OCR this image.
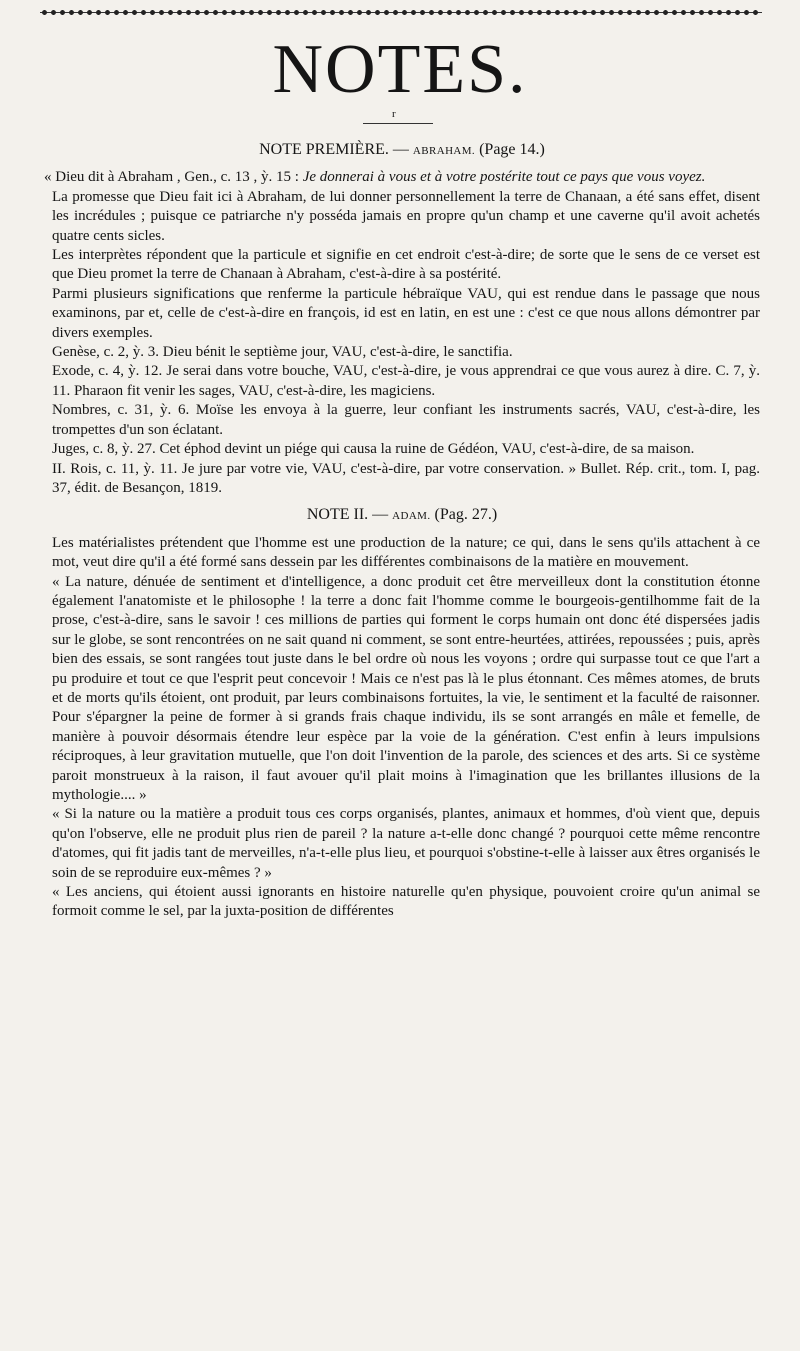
NOTES.
r
NOTE PREMIÈRE. — ABRAHAM. (Page 14.)

« Dieu dit à Abraham , Gen., c. 13 , ỳ. 15 : Je donnerai à vous et à votre postérite tout ce pays que vous voyez.

La promesse que Dieu fait ici à Abraham, de lui donner personnellement la terre de Chanaan, a été sans effet, disent les incrédules ; puisque ce patriarche n'y posséda jamais en propre qu'un champ et une caverne qu'il avoit achetés quatre cents sicles.

Les interprètes répondent que la particule et signifie en cet endroit c'est-à-dire; de sorte que le sens de ce verset est que Dieu promet la terre de Chanaan à Abraham, c'est-à-dire à sa postérité.

Parmi plusieurs significations que renferme la particule hébraïque VAU, qui est rendue dans le passage que nous examinons, par et, celle de c'est-à-dire en françois, id est en latin, en est une : c'est ce que nous allons démontrer par divers exemples.

Genèse, c. 2, ỳ. 3. Dieu bénit le septième jour, VAU, c'est-à-dire, le sanctifia.

Exode, c. 4, ỳ. 12. Je serai dans votre bouche, VAU, c'est-à-dire, je vous apprendrai ce que vous aurez à dire. C. 7, ỳ. 11. Pharaon fit venir les sages, VAU, c'est-à-dire, les magiciens.

Nombres, c. 31, ỳ. 6. Moïse les envoya à la guerre, leur confiant les instruments sacrés, VAU, c'est-à-dire, les trompettes d'un son éclatant.

Juges, c. 8, ỳ. 27. Cet éphod devint un piége qui causa la ruine de Gédéon, VAU, c'est-à-dire, de sa maison.

II. Rois, c. 11, ỳ. 11. Je jure par votre vie, VAU, c'est-à-dire, par votre conservation. » Bullet. Rép. crit., tom. I, pag. 37, édit. de Besançon, 1819.

NOTE II. — ADAM. (Pag. 27.)

Les matérialistes prétendent que l'homme est une production de la nature; ce qui, dans le sens qu'ils attachent à ce mot, veut dire qu'il a été formé sans dessein par les différentes combinaisons de la matière en mouvement.

« La nature, dénuée de sentiment et d'intelligence, a donc produit cet être merveilleux dont la constitution étonne également l'anatomiste et le philosophe ! la terre a donc fait l'homme comme le bourgeois-gentilhomme fait de la prose, c'est-à-dire, sans le savoir ! ces millions de parties qui forment le corps humain ont donc été dispersées jadis sur le globe, se sont rencontrées on ne sait quand ni comment, se sont entre-heurtées, attirées, repoussées ; puis, après bien des essais, se sont rangées tout juste dans le bel ordre où nous les voyons ; ordre qui surpasse tout ce que l'art a pu produire et tout ce que l'esprit peut concevoir ! Mais ce n'est pas là le plus étonnant. Ces mêmes atomes, de bruts et de morts qu'ils étoient, ont produit, par leurs combinaisons fortuites, la vie, le sentiment et la faculté de raisonner. Pour s'épargner la peine de former à si grands frais chaque individu, ils se sont arrangés en mâle et femelle, de manière à pouvoir désormais étendre leur espèce par la voie de la génération. C'est enfin à leurs impulsions réciproques, à leur gravitation mutuelle, que l'on doit l'invention de la parole, des sciences et des arts. Si ce système paroit monstrueux à la raison, il faut avouer qu'il plait moins à l'imagination que les brillantes illusions de la mythologie.... »

« Si la nature ou la matière a produit tous ces corps organisés, plantes, animaux et hommes, d'où vient que, depuis qu'on l'observe, elle ne produit plus rien de pareil ? la nature a-t-elle donc changé ? pourquoi cette même rencontre d'atomes, qui fit jadis tant de merveilles, n'a-t-elle plus lieu, et pourquoi s'obstine-t-elle à laisser aux êtres organisés le soin de se reproduire eux-mêmes ? »

« Les anciens, qui étoient aussi ignorants en histoire naturelle qu'en physique, pouvoient croire qu'un animal se formoit comme le sel, par la juxta-position de différentes
